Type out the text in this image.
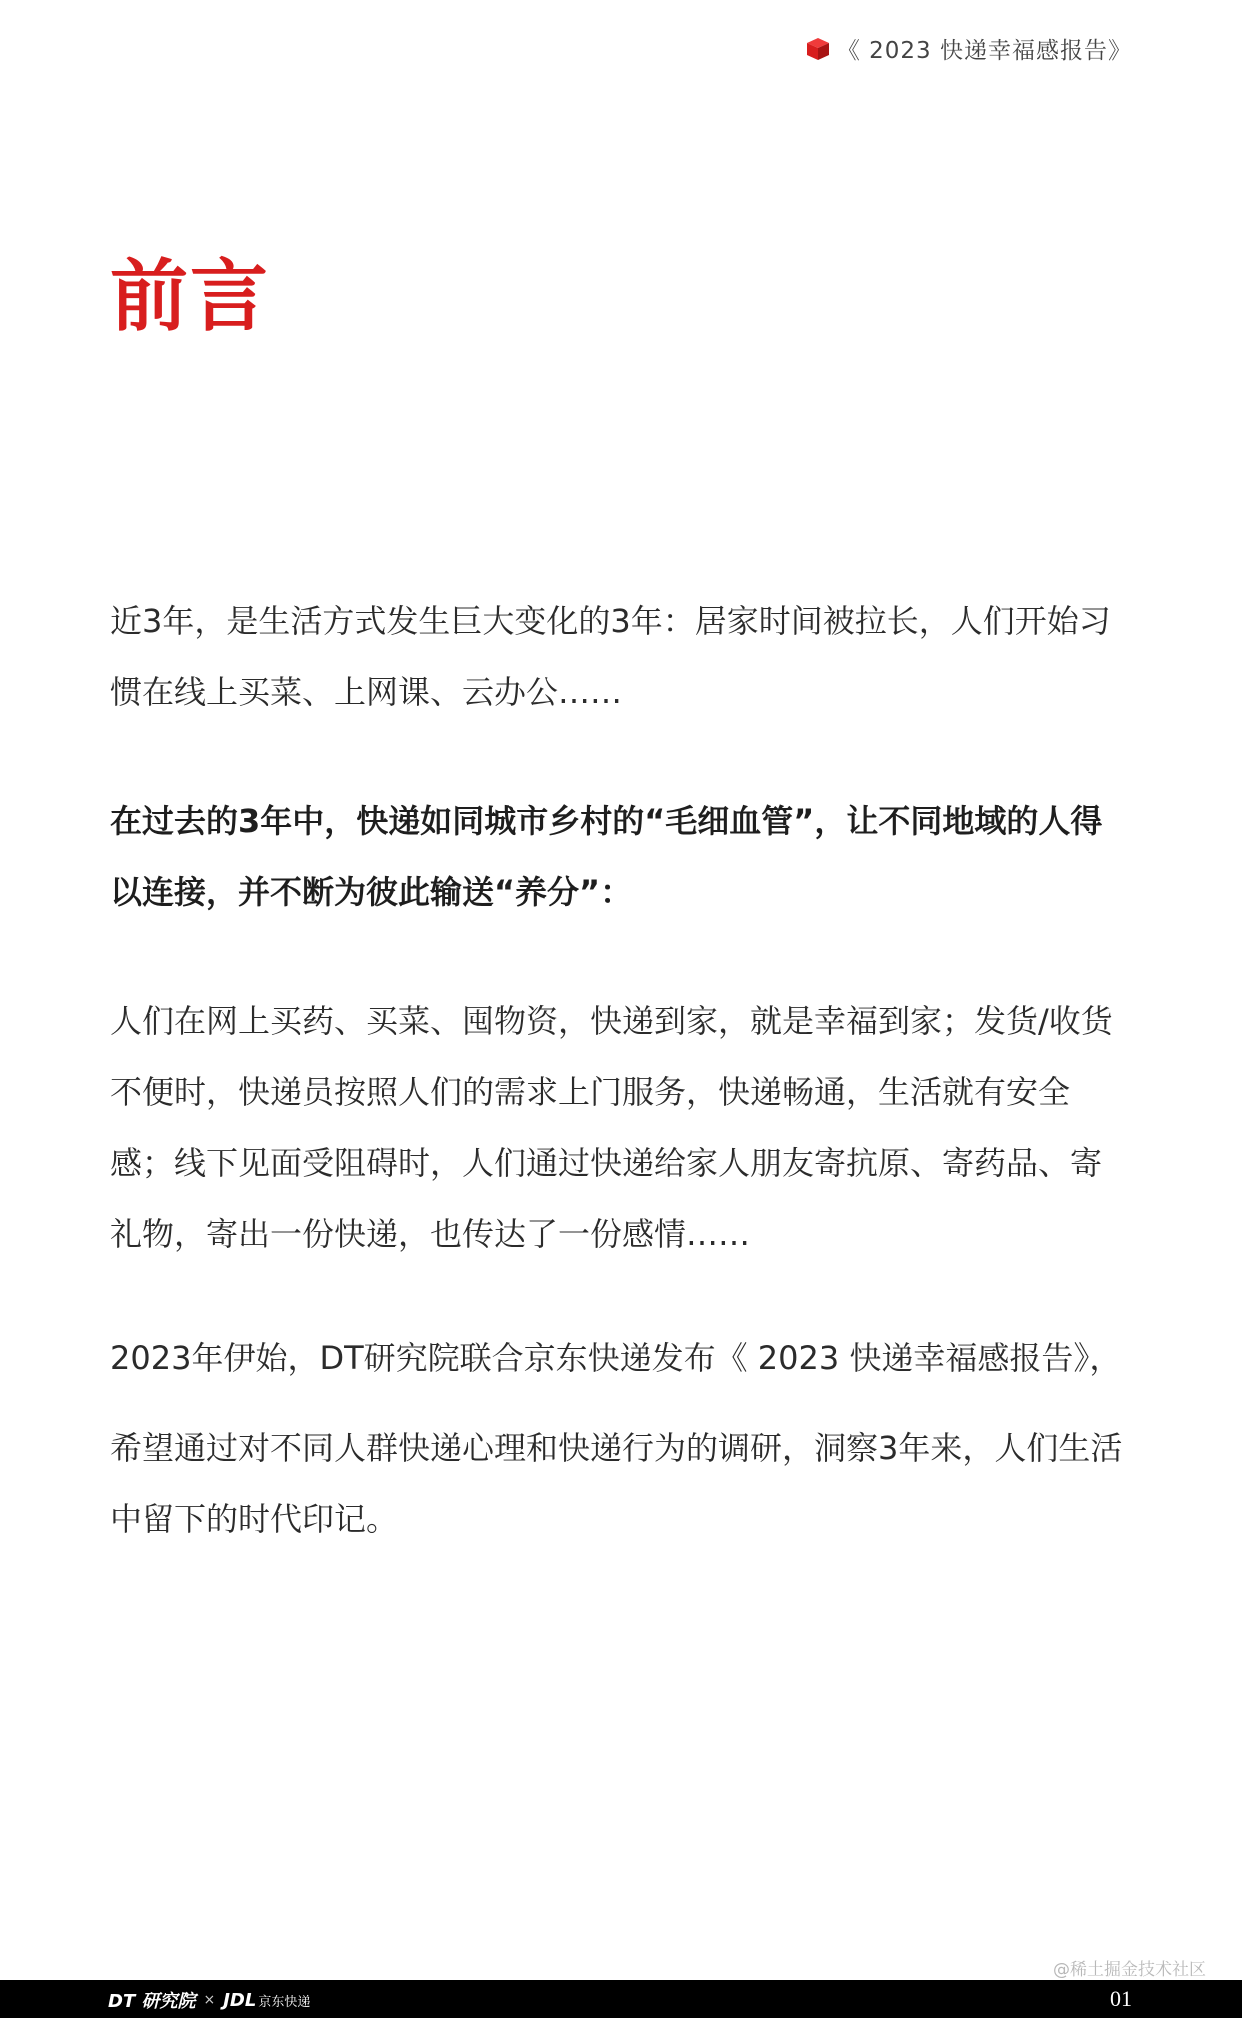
《 2023 快递幸福感报告》
前言

近3年，是生活方式发生巨大变化的3年：居家时间被拉长，人们开始习惯在线上买菜、上网课、云办公……

在过去的3年中，快递如同城市乡村的“毛细血管”，让不同地域的人得以连接，并不断为彼此输送“养分”：

人们在网上买药、买菜、囤物资，快递到家，就是幸福到家；发货/收货不便时，快递员按照人们的需求上门服务，快递畅通，生活就有安全感；线下见面受阻碍时，人们通过快递给家人朋友寄抗原、寄药品、寄礼物，寄出一份快递，也传达了一份感情……

2023年伊始，DT研究院联合京东快递发布《 2023 快递幸福感报告》，

希望通过对不同人群快递心理和快递行为的调研，洞察3年来，人们生活中留下的时代印记。

@稀土掘金技术社区
DT 研究院 × JDL 京东快递	01
